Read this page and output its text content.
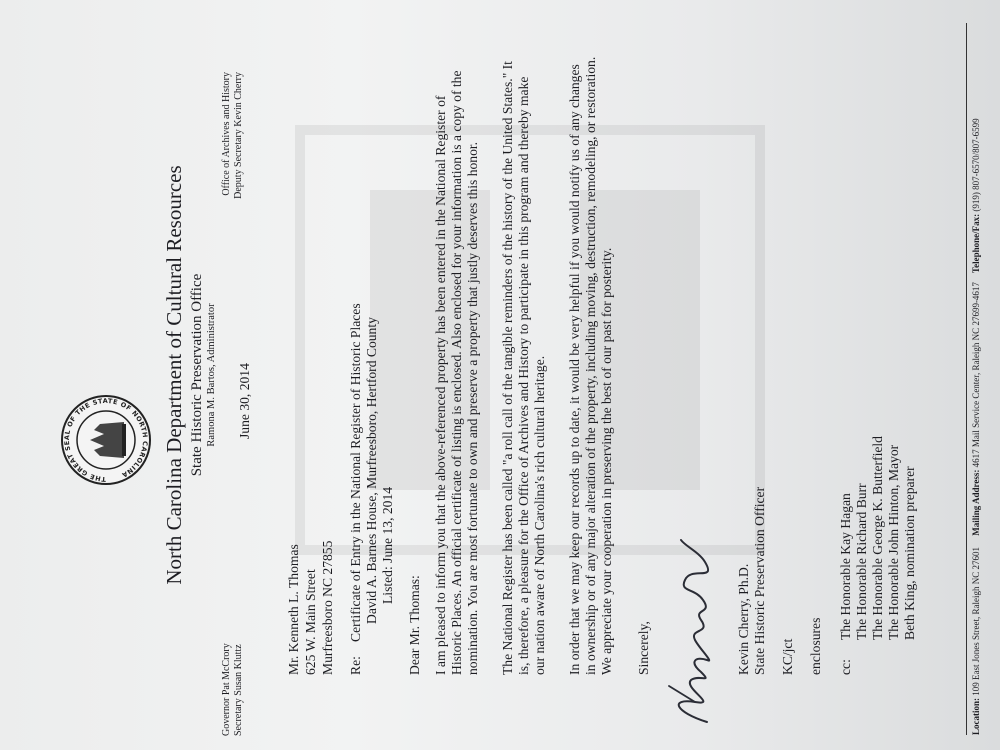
THE GREAT SEAL OF THE STATE OF NORTH CAROLINA	North Carolina Department of Cultural Resources State Historic Preservation Office Ramona M. Bartos, Administrator
Governor Pat McCrory Secretary Susan Kluttz
Office of Archives and History Deputy Secretary Kevin Cherry
June 30, 2014
Mr. Kenneth L. Thomas 625 W. Main Street Murfreesboro NC 27855 Re:
Certificate of Entry in the National Register of Historic Places David A. Barnes House, Murfreesboro, Hertford County Listed: June 13, 2014
Dear Mr. Thomas: I am pleased to inform you that the above-referenced property has been entered in the National Register of Historic Places. An official certificate of listing is enclosed. Also enclosed for your information is a copy of the nomination. You are most fortunate to own and preserve a property that justly deserves this honor. The National Register has been called "a roll call of the tangible reminders of the history of the United States." It is, therefore, a pleasure for the Office of Archives and History to participate in this program and thereby make our nation aware of North Carolina's rich cultural heritage. In order that we may keep our records up to date, it would be very helpful if you would notify us of any changes in ownership or of any major alteration of the property, including moving, destruction, remodeling, or restoration. We appreciate your cooperation in preserving the best of our past for posterity. Sincerely,	Kevin Cherry, Ph.D. State Historic Preservation Officer KC/jct enclosures cc:
The Honorable Kay Hagan The Honorable Richard Burr The Honorable George K. Butterfield The Honorable John Hinton, Mayor Beth King, nomination preparer
Location: 109 East Jones Street, Raleigh NC 27601     Mailing Address: 4617 Mail Service Center, Raleigh NC 27699-4617    Telephone/Fax: (919) 807-6570/807-6599
